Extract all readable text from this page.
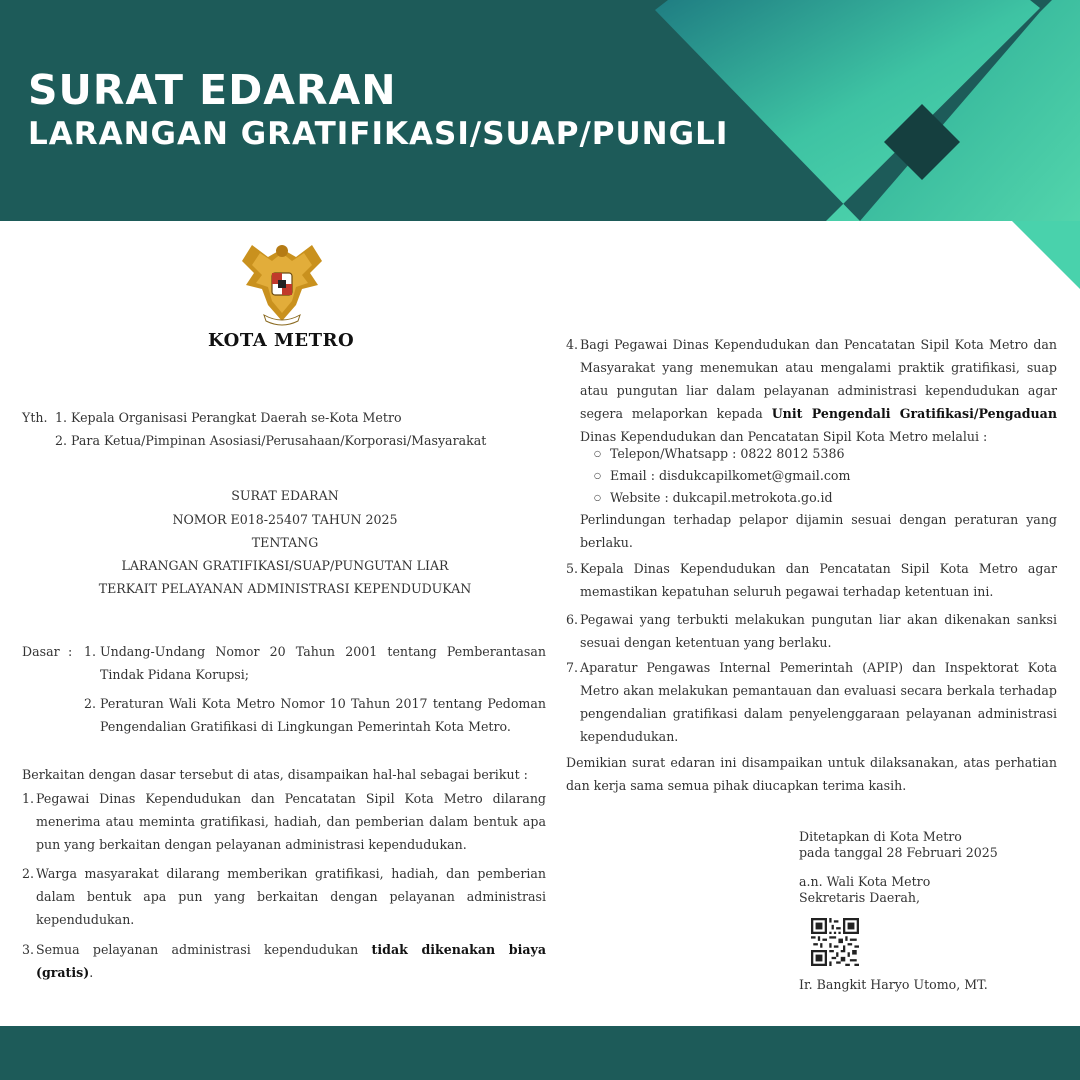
SURAT EDARAN
LARANGAN GRATIFIKASI/SUAP/PUNGLI
KOTA METRO
Yth. 1. Kepala Organisasi Perangkat Daerah se-Kota Metro
2. Para Ketua/Pimpinan Asosiasi/Perusahaan/Korporasi/Masyarakat
SURAT EDARAN
NOMOR E018-25407 TAHUN 2025
TENTANG
LARANGAN GRATIFIKASI/SUAP/PUNGUTAN LIAR
TERKAIT PELAYANAN ADMINISTRASI KEPENDUDUKAN
Dasar : 1. Undang-Undang Nomor 20 Tahun 2001 tentang Pemberantasan Tindak Pidana Korupsi;
2. Peraturan Wali Kota Metro Nomor 10 Tahun 2017 tentang Pedoman Pengendalian Gratifikasi di Lingkungan Pemerintah Kota Metro.
Berkaitan dengan dasar tersebut di atas, disampaikan hal-hal sebagai berikut :
1. Pegawai Dinas Kependudukan dan Pencatatan Sipil Kota Metro dilarang menerima atau meminta gratifikasi, hadiah, dan pemberian dalam bentuk apa pun yang berkaitan dengan pelayanan administrasi kependudukan.
2. Warga masyarakat dilarang memberikan gratifikasi, hadiah, dan pemberian dalam bentuk apa pun yang berkaitan dengan pelayanan administrasi kependudukan.
3. Semua pelayanan administrasi kependudukan tidak dikenakan biaya (gratis).
4. Bagi Pegawai Dinas Kependudukan dan Pencatatan Sipil Kota Metro dan Masyarakat yang menemukan atau mengalami praktik gratifikasi, suap atau pungutan liar dalam pelayanan administrasi kependudukan agar segera melaporkan kepada Unit Pengendali Gratifikasi/Pengaduan Dinas Kependudukan dan Pencatatan Sipil Kota Metro melalui :
○ Telepon/Whatsapp : 0822 8012 5386
○ Email : disdukcapilkomet@gmail.com
○ Website : dukcapil.metrokota.go.id
Perlindungan terhadap pelapor dijamin sesuai dengan peraturan yang berlaku.
5. Kepala Dinas Kependudukan dan Pencatatan Sipil Kota Metro agar memastikan kepatuhan seluruh pegawai terhadap ketentuan ini.
6. Pegawai yang terbukti melakukan pungutan liar akan dikenakan sanksi sesuai dengan ketentuan yang berlaku.
7. Aparatur Pengawas Internal Pemerintah (APIP) dan Inspektorat Kota Metro akan melakukan pemantauan dan evaluasi secara berkala terhadap pengendalian gratifikasi dalam penyelenggaraan pelayanan administrasi kependudukan.
Demikian surat edaran ini disampaikan untuk dilaksanakan, atas perhatian dan kerja sama semua pihak diucapkan terima kasih.
Ditetapkan di Kota Metro
pada tanggal 28 Februari 2025
a.n. Wali Kota Metro
Sekretaris Daerah,
Ir. Bangkit Haryo Utomo, MT.
